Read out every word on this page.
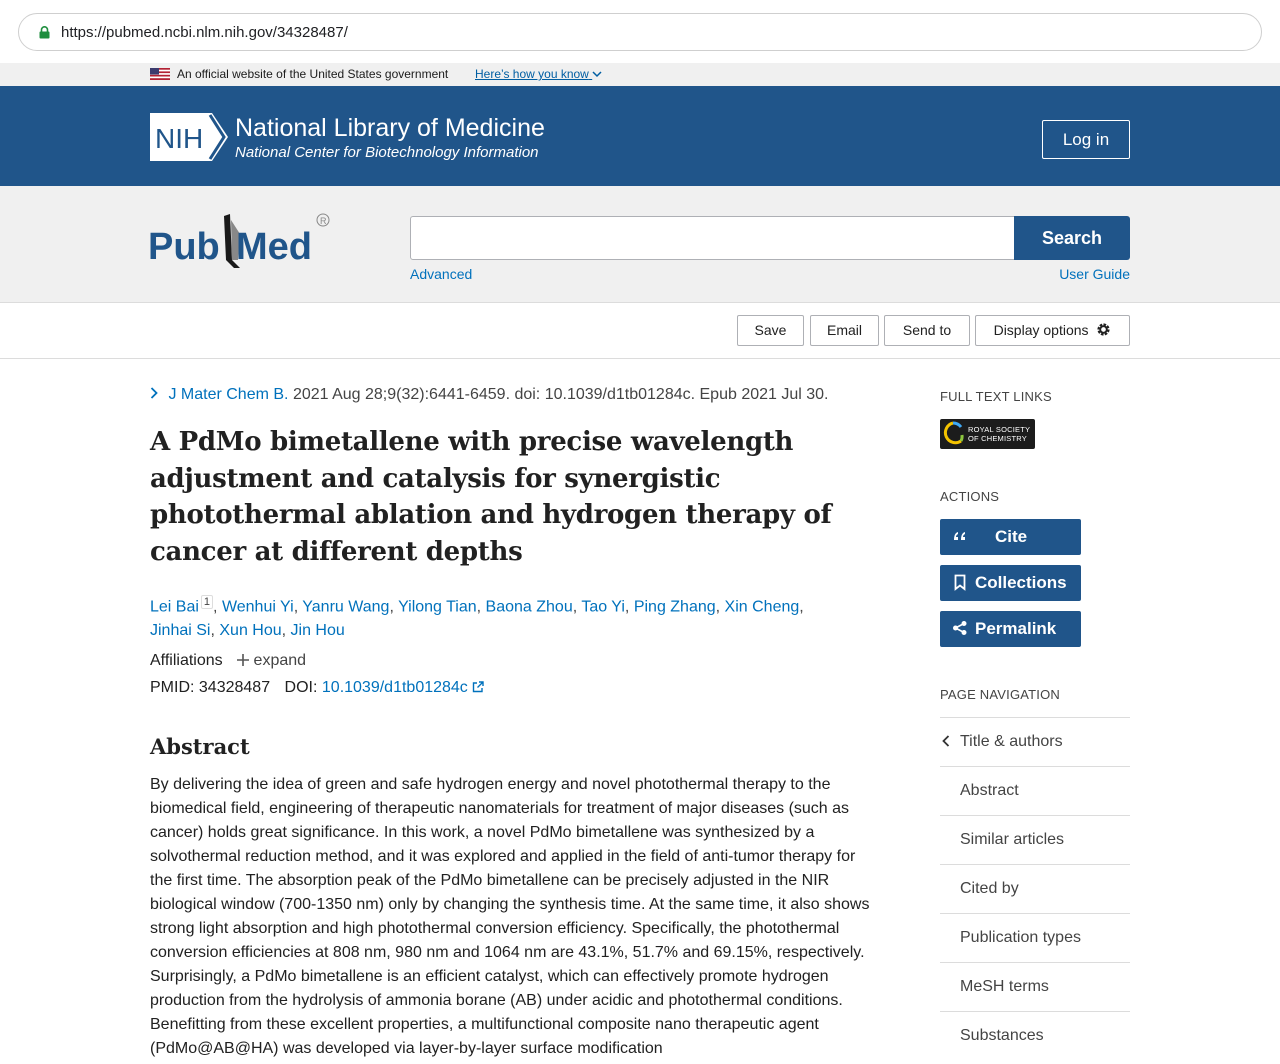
https://pubmed.ncbi.nlm.nih.gov/34328487/
An official website of the United States government Here’s how you know
NIH National Library of Medicine
National Center for Biotechnology Information
Log in
Pub Med
R
Search
Advanced	User Guide
Save	Email	Send to	Display options
J Mater Chem B. 2021 Aug 28;9(32):6441-6459. doi: 10.1039/d1tb01284c. Epub 2021 Jul 30.
A PdMo bimetallene with precise wavelength adjustment and catalysis for synergistic photothermal ablation and hydrogen therapy of cancer at different depths
Lei Bai $^1$ , Wenhui Yi, Yanru Wang, Yilong Tian, Baona Zhou, Tao Yi, Ping Zhang, Xin Cheng,
Jinhai Si, Xun Hou, Jin Hou
Affiliations expand
PMID: 34328487 DOI: 10.1039/d1tb01284c
Abstract

By delivering the idea of green and safe hydrogen energy and novel photothermal therapy to the biomedical field, engineering of therapeutic nanomaterials for treatment of major diseases (such as cancer) holds great significance. In this work, a novel PdMo bimetallene was synthesized by a solvothermal reduction method, and it was explored and applied in the field of anti-tumor therapy for the first time. The absorption peak of the PdMo bimetallene can be precisely adjusted in the NIR biological window (700-1350 nm) only by changing the synthesis time. At the same time, it also shows strong light absorption and high photothermal conversion efficiency. Specifically, the photothermal conversion efficiencies at 808 nm, 980 nm and 1064 nm are 43.1%, 51.7% and 69.15%, respectively. Surprisingly, a PdMo bimetallene is an efficient catalyst, which can effectively promote hydrogen production from the hydrolysis of ammonia borane (AB) under acidic and photothermal conditions. Benefitting from these excellent properties, a multifunctional composite nano therapeutic agent (PdMo@AB@HA) was developed via layer-by-layer surface modification

FULL TEXT LINKS
ROYAL SOCIETY
OF CHEMISTRY
ACTIONS
Cite
Collections
Permalink
PAGE NAVIGATION
Title & authors
Abstract
Similar articles
Cited by
Publication types
MeSH terms
Substances
